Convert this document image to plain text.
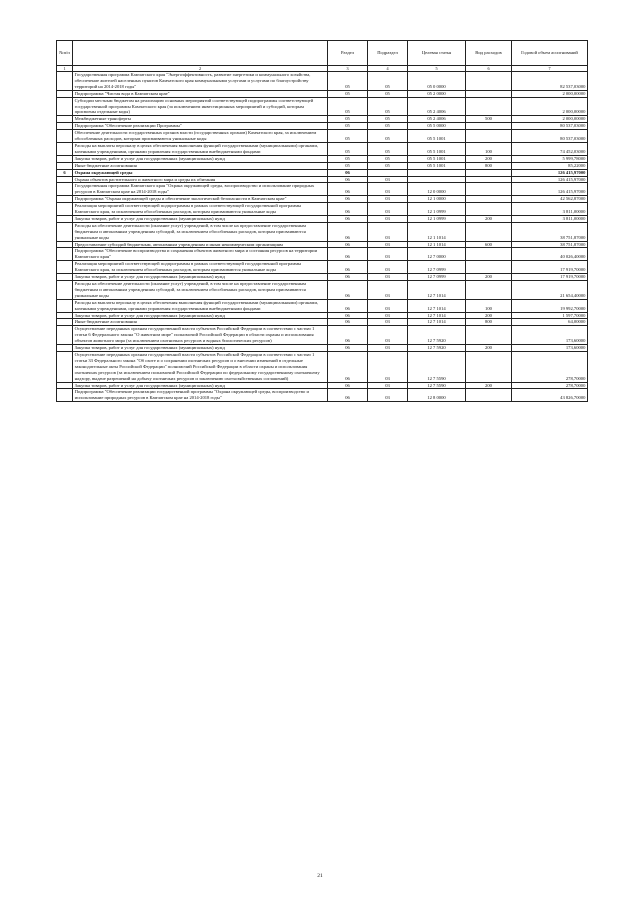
№п/п		Раздел	Подраздел	Целевая статья	Вид расходов	Годовой объем ассигнований
1	2	3	4	5	6	7
	Государственная программа Камчатского края "Энергоэффективность, развитие энергетики и коммунального хозяйства, обеспечение жителей населенных пунктов Камчатского края коммунальными услугами и услугами по благоустройству территорий на 2014-2018 годы"	05	05	05 0 0000		82 537,03000
	Подпрограмма "Чистая вода в Камчатском крае"	05	05	05 2 0000		2 000,00000
	Субсидии местным бюджетам на реализацию основных мероприятий соответствующей подпрограммы соответствующей государственной программы Камчатского края (за исключением инвестиционных мероприятий и субсидий, которым присвоены отдельные коды)	05	05	05 2 4006		2 000,00000
	Межбюджетные трансферты	05	05	05 2 4006	500	2 000,00000
	Подпрограмма "Обеспечение реализации Программы"	05	05	05 5 0000		80 537,03000
	Обеспечение деятельности государственных органов власти (государственных органов) Камчатского края, за исключением обособленных расходов, которым присваиваются уникальные коды	05	05	05 5 1001		80 537,03000
	Расходы на выплаты персоналу в целях обеспечения выполнения функций государственными (муниципальными) органами, казенными учреждениями, органами управления государственными внебюджетными фондами	05	05	05 5 1001	100	74 452,03000
	Закупка товаров, работ и услуг для государственных (муниципальных) нужд	05	05	05 5 1001	200	5 999,78000
	Иные бюджетные ассигнования	05	05	05 5 1001	800	85,22000
6	Охрана окружающей среды	06				126 415,97000
	Охрана объектов растительного и животного мира и среды их обитания	06	03			126 415,97000
	Государственная программа Камчатского края "Охрана окружающей среды, воспроизводство и использование природных ресурсов в Камчатском крае на 2014-2018 годы"	06	03	12 0 0000		126 415,97000
	Подпрограмма "Охрана окружающей среды и обеспечение экологической безопасности в Камчатском крае"	06	03	12 1 0000		42 562,87000
	Реализация мероприятий соответствующей подпрограммы в рамках соответствующей государственной программы Камчатского края, за исключением обособленных расходов, которым присваиваются уникальные коды	06	03	12 1 0999		3 811,00000
	Закупка товаров, работ и услуг для государственных (муниципальных) нужд	06	03	12 1 0999	200	3 811,00000
	Расходы на обеспечение деятельности (оказание услуг) учреждений, в том числе на предоставление государственным бюджетным и автономным учреждениям субсидий, за исключением обособленных расходов, которым присваиваются уникальные коды	06	03	12 1 1014		38 751,87000
	Предоставление субсидий бюджетным, автономным учреждениям и иным некоммерческим организациям	06	03	12 1 1014	600	38 751,87000
	Подпрограмма "Обеспечение воспроизводства и сохранения объектов животного мира и состояния ресурсов на территории Камчатского края"	06	03	12 7 0000		40 026,40000
	Реализация мероприятий соответствующей подпрограммы в рамках соответствующей государственной программы Камчатского края, за исключением обособленных расходов, которым присваиваются уникальные коды	06	03	12 7 0999		17 919,70000
	Закупка товаров, работ и услуг для государственных (муниципальных) нужд	06	03	12 7 0999	200	17 919,70000
	Расходы на обеспечение деятельности (оказание услуг) учреждений, в том числе на предоставление государственным бюджетным и автономным учреждениям субсидий, за исключением обособленных расходов, которым присваиваются уникальные коды	06	03	12 7 1014		21 654,40000
	Расходы на выплаты персоналу в целях обеспечения выполнения функций государственными (муниципальными) органами, казенными учреждениями, органами управления государственными внебюджетными фондами	06	03	12 7 1014	100	19 992,70000
	Закупка товаров, работ и услуг для государственных (муниципальных) нужд	06	03	12 7 1014	200	1 597,70000
	Иные бюджетные ассигнования	06	03	12 7 1014	800	64,00000
	Осуществление переданных органам государственной власти субъектов Российской Федерации в соответствии с частью 1 статьи 6 Федерального закона "О животном мире" полномочий Российской Федерации в области охраны и использования объектов животного мира (за исключением охотничьих ресурсов и водных биологических ресурсов)	06	03	12 7 5920		173,60000
	Закупка товаров, работ и услуг для государственных (муниципальных) нужд	06	03	12 7 5920	200	173,60000
	Осуществление переданных органам государственной власти субъектов Российской Федерации в соответствии с частью 1 статьи 33 Федерального закона "Об охоте и о сохранении охотничьих ресурсов и о внесении изменений в отдельные законодательные акты Российской Федерации" полномочий Российской Федерации в области охраны и использования охотничьих ресурсов (за исключением полномочий Российской Федерации по федеральному государственному охотничьему надзору, выдаче разрешений на добычу охотничьих ресурсов и заключению охотхозяйственных соглашений)	06	03	12 7 5590		278,70000
	Закупка товаров, работ и услуг для государственных (муниципальных) нужд	06	03	12 7 5590	200	278,70000
	Подпрограмма "Обеспечение реализации государственной программы "Охрана окружающей среды, воспроизводство и использование природных ресурсов в Камчатском крае на 2014-2018 годы"	06	03	12 8 0000		43 826,70000
21
